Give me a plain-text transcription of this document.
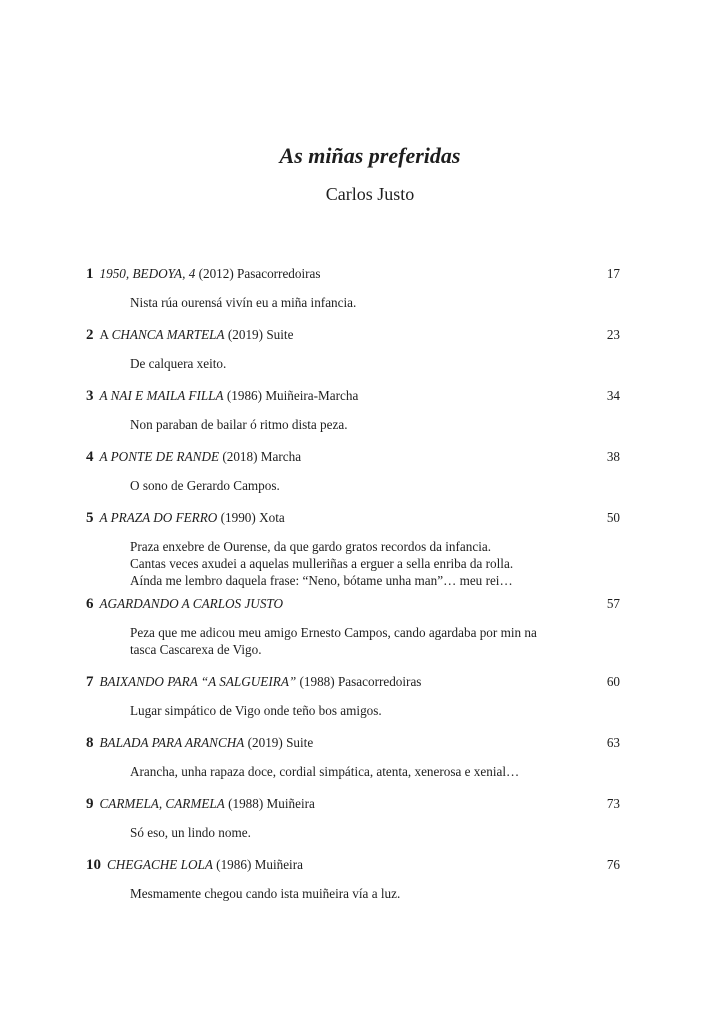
As miñas preferidas
Carlos Justo
1 1950, BEDOYA, 4 (2012) Pasacorredoiras	17

Nista rúa ourensá vivín eu a miña infancia.

2 A CHANCA MARTELA (2019) Suite	23

De calquera xeito.

3 A NAI E MAILA FILLA (1986) Muiñeira-Marcha	34

Non paraban de bailar ó ritmo dista peza.

4 A PONTE DE RANDE (2018) Marcha	38

O sono de Gerardo Campos.

5 A PRAZA DO FERRO (1990) Xota	50

Praza enxebre de Ourense, da que gardo gratos recordos da infancia.

Cantas veces axudei a aquelas mulleriñas a erguer a sella enriba da rolla.

Aínda me lembro daquela frase: “Neno, bótame unha man”… meu rei…

6 AGARDANDO A CARLOS JUSTO	57

Peza que me adicou meu amigo Ernesto Campos, cando agardaba por min na

tasca Cascarexa de Vigo.

7 BAIXANDO PARA “A SALGUEIRA” (1988) Pasacorredoiras	60

Lugar simpático de Vigo onde teño bos amigos.

8 BALADA PARA ARANCHA (2019) Suite	63

Arancha, unha rapaza doce, cordial simpática, atenta, xenerosa e xenial…

9 CARMELA, CARMELA (1988) Muiñeira	73

Só eso, un lindo nome.

10 CHEGACHE LOLA (1986) Muiñeira	76

Mesmamente chegou cando ista muiñeira vía a luz.
